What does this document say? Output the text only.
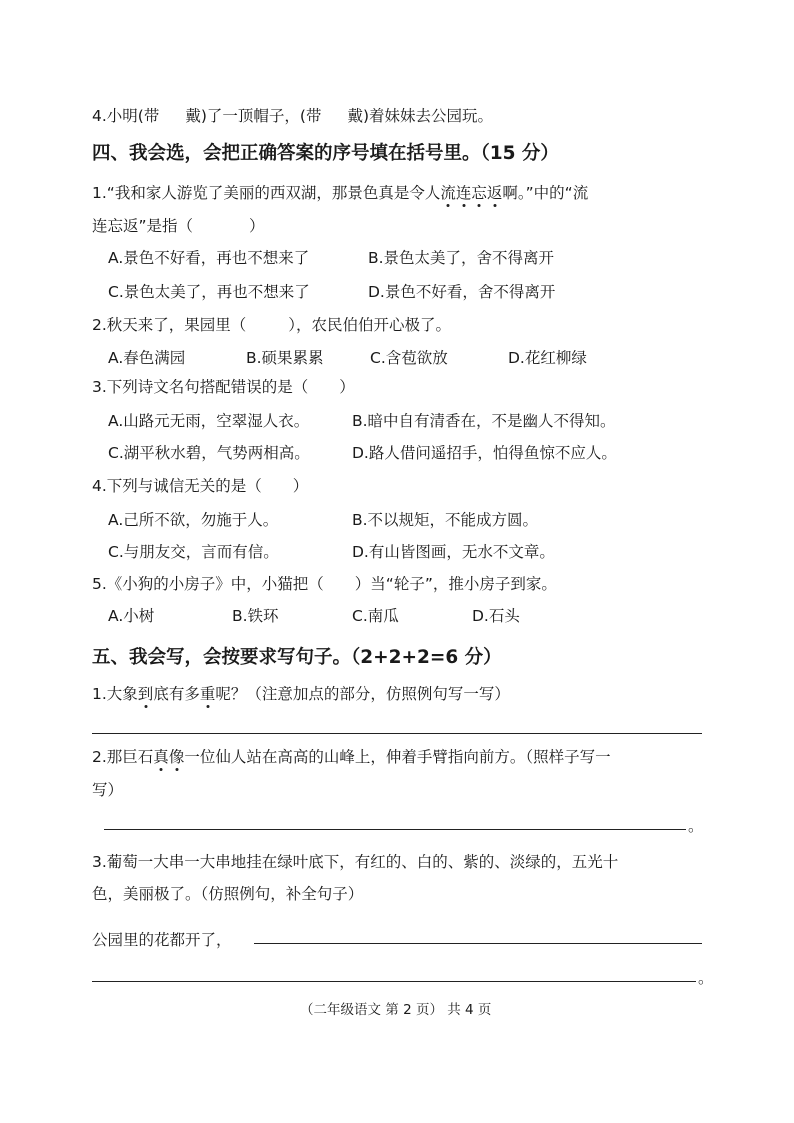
4.小明(带 戴)了一顶帽子，(带 戴)着妹妹去公园玩。
四、我会选，会把正确答案的序号填在括号里。（15 分）
1.“我和家人游览了美丽的西双湖，那景色真是令人流连忘返啊。”中的“流
连忘返”是指（	）
A.景色不好看，再也不想来了	B.景色太美了，舍不得离开
C.景色太美了，再也不想来了	D.景色不好看，舍不得离开
2.秋天来了，果园里（	），农民伯伯开心极了。
A.春色满园	B.硕果累累	C.含苞欲放	D.花红柳绿
3.下列诗文名句搭配错误的是（　　）
A.山路元无雨，空翠湿人衣。	B.暗中自有清香在，不是幽人不得知。
C.湖平秋水碧，气势两相高。	D.路人借问遥招手，怕得鱼惊不应人。
4.下列与诚信无关的是（　　）
A.己所不欲，勿施于人。	B.不以规矩，不能成方圆。
C.与朋友交，言而有信。	D.有山皆图画，无水不文章。
5.《小狗的小房子》中，小猫把（　　）当“轮子”，推小房子到家。
A.小树	B.铁环	C.南瓜	D.石头
五、我会写，会按要求写句子。（2+2+2=6 分）
1.大象到底有多重呢？（注意加点的部分，仿照例句写一写）
2.那巨石真像一位仙人站在高高的山峰上，伸着手臂指向前方。（照样子写一
写）
。
3.葡萄一大串一大串地挂在绿叶底下，有红的、白的、紫的、淡绿的，五光十
色，美丽极了。（仿照例句，补全句子）
公园里的花都开了，
。
（二年级语文 第 2 页） 共 4 页
